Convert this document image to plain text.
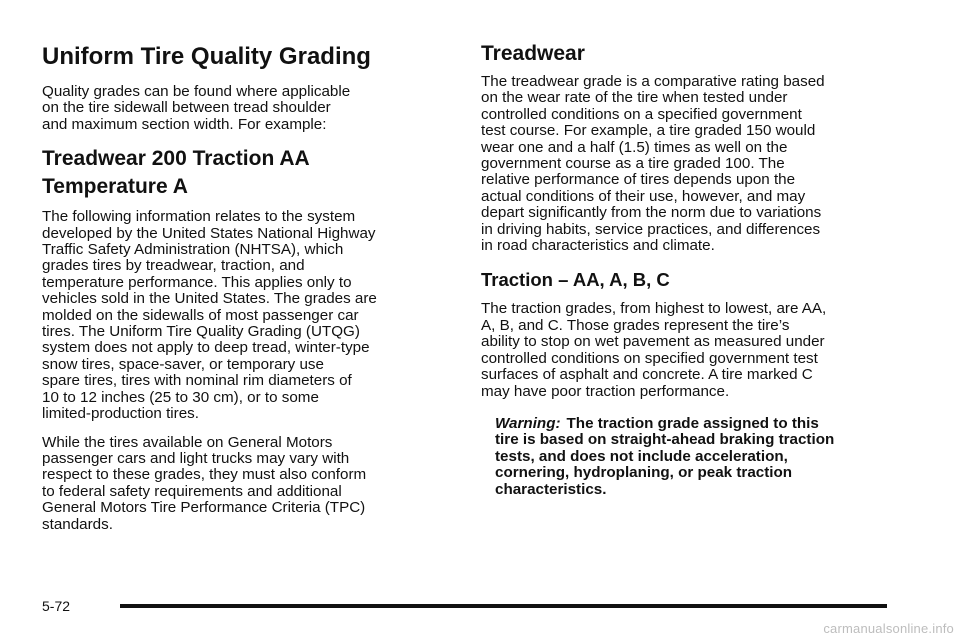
Uniform Tire Quality Grading

Quality grades can be found where applicable
on the tire sidewall between tread shoulder
and maximum section width. For example:

Treadwear 200 Traction AA
Temperature A

The following information relates to the system
developed by the United States National Highway
Traffic Safety Administration (NHTSA), which
grades tires by treadwear, traction, and
temperature performance. This applies only to
vehicles sold in the United States. The grades are
molded on the sidewalls of most passenger car
tires. The Uniform Tire Quality Grading (UTQG)
system does not apply to deep tread, winter-type
snow tires, space-saver, or temporary use
spare tires, tires with nominal rim diameters of
10 to 12 inches (25 to 30 cm), or to some
limited-production tires.

While the tires available on General Motors
passenger cars and light trucks may vary with
respect to these grades, they must also conform
to federal safety requirements and additional
General Motors Tire Performance Criteria (TPC)
standards.

Treadwear

The treadwear grade is a comparative rating based
on the wear rate of the tire when tested under
controlled conditions on a specified government
test course. For example, a tire graded 150 would
wear one and a half (1.5) times as well on the
government course as a tire graded 100. The
relative performance of tires depends upon the
actual conditions of their use, however, and may
depart significantly from the norm due to variations
in driving habits, service practices, and differences
in road characteristics and climate.

Traction – AA, A, B, C

The traction grades, from highest to lowest, are AA,
A, B, and C. Those grades represent the tire’s
ability to stop on wet pavement as measured under
controlled conditions on specified government test
surfaces of asphalt and concrete. A tire marked C
may have poor traction performance.

Warning: The traction grade assigned to this
tire is based on straight-ahead braking traction
tests, and does not include acceleration,
cornering, hydroplaning, or peak traction
characteristics.

5-72
carmanualsonline.info
